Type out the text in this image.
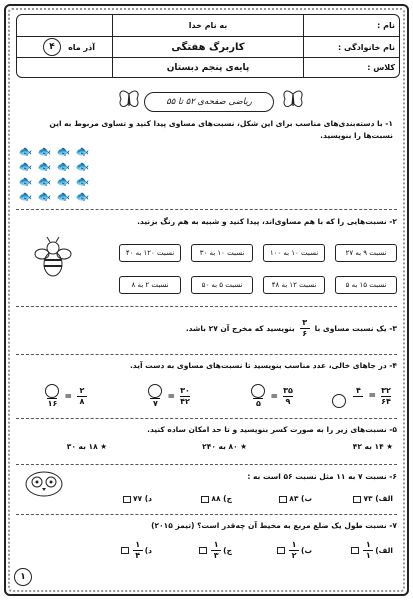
نام :
به نام خدا
نام خانوادگی :
کاربرگ هفتگی
آذر ماه
۴
کلاس :
پایه‌ی پنجم دبستان
ریاضی صفحه‌ی ۵۲ تا ۵۵
۱- با دسته‌بندی‌های مناسب برای این شکل، نسبت‌های مساوی پیدا کنید و تساوی مربوط به این نسبت‌ها را بنویسید.
🐟 🐟 🐟 🐟
🐟 🐟 🐟 🐟
🐟 🐟 🐟 🐟
🐟 🐟 🐟 🐟
۲- نسبت‌هایی را که با هم مساوی‌اند، پیدا کنید و شبیه به هم رنگ بزنید.
نسبت ۹ به ۲۷
نسبت ۱۰ به ۱۰۰
نسبت ۱۰ به ۳۰
نسبت ۱۲۰ به ۴۰
نسبت ۱۵ به ۵
نسبت ۱۲ به ۴۸
نسبت ۵ به ۵۰
نسبت ۲ به ۸
۳- یک نسبت مساوی با
$\frac{۳}{۶}$
بنویسید که مخرج آن ۲۷ باشد.
۴- در جاهای خالی، عدد مناسب بنویسید تا نسبت‌های مساوی به دست آید.

۴

= $\frac{۳۲}{۶۴}$
۵
= $\frac{۳۵}{۹}$
۷
= $\frac{۳۰}{۴۲}$
۱۶
= $\frac{۲}{۸}$
۵- نسبت‌های زیر را به صورت کسر بنویسید و تا حد امکان ساده کنید.
★ ۱۴ به ۴۲
★ ۸۰ به ۲۴۰
★ ۱۸ به ۳۰
۶- نسبت ۷ به ۱۱ مثل نسبت ۵۶ است به :
الف) ۷۳
ب) ۸۳
ج) ۸۸
د) ۷۷
۷- نسبت طول یک ضلع مربع به محیط آن چه‌قدر است؟ (تیمز ۲۰۱۵)
الف)
$\frac{۱}{۱}$
ب)
$\frac{۱}{۲}$
ج)
$\frac{۱}{۳}$
د)
$\frac{۱}{۴}$
۱
